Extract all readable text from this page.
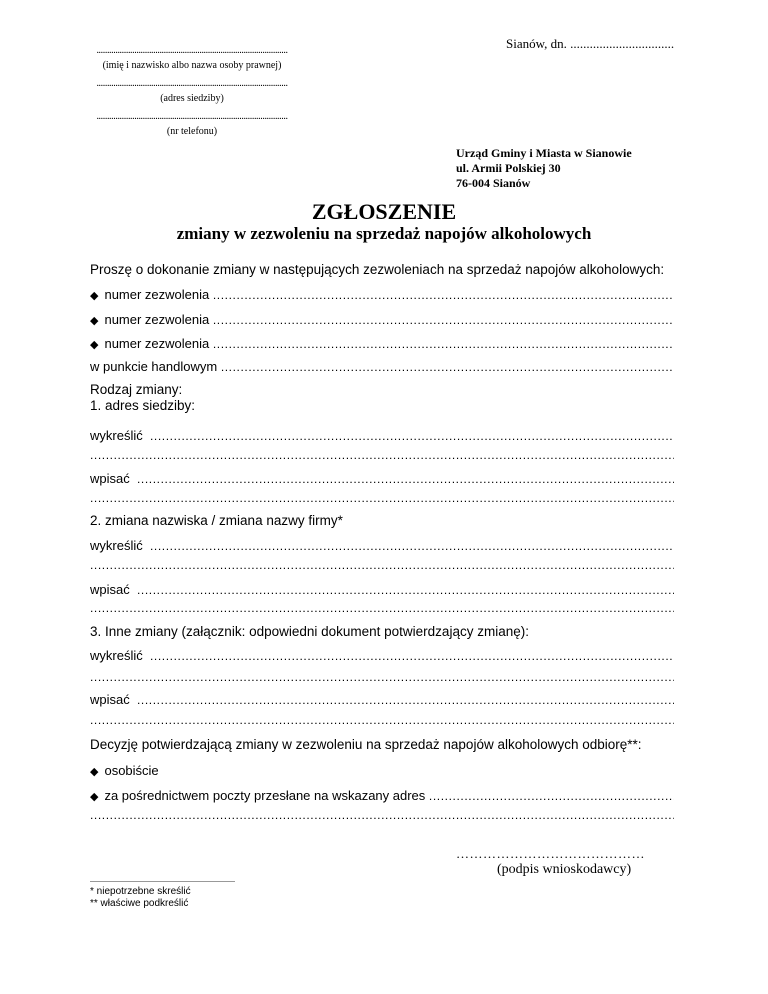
Sianów, dn. ................................
...........................................................................................
(imię i nazwisko albo nazwa osoby prawnej)
...........................................................................................
(adres siedziby)
...........................................................................................
(nr telefonu)
Urząd Gminy i Miasta w Sianowie
ul. Armii Polskiej 30
76-004 Sianów
ZGŁOSZENIE
zmiany w zezwoleniu na sprzedaż napojów alkoholowych
Proszę o dokonanie zmiany w następujących zezwoleniach na sprzedaż napojów alkoholowych:
◆ numer zezwolenia

.....
◆ numer zezwolenia

.....
◆ numer zezwolenia

.....
w punkcie handlowym

.....
Rodzaj zmiany:
1. adres siedziby:
wykreślić

.....
.....
wpisać

.....
.....
2. zmiana nazwiska / zmiana nazwy firmy*
wykreślić

.....
.....
wpisać

.....
.....
3. Inne zmiany (załącznik: odpowiedni dokument potwierdzający zmianę):
wykreślić

.....
.....
wpisać

.....
.....
Decyzję potwierdzającą zmiany w zezwoleniu na sprzedaż napojów alkoholowych odbiorę**:
◆ osobiście
◆ za pośrednictwem poczty przesłane na wskazany adres

.....
.....
……………………………………
(podpis wnioskodawcy)
* niepotrzebne skreślić
** właściwe podkreślić
